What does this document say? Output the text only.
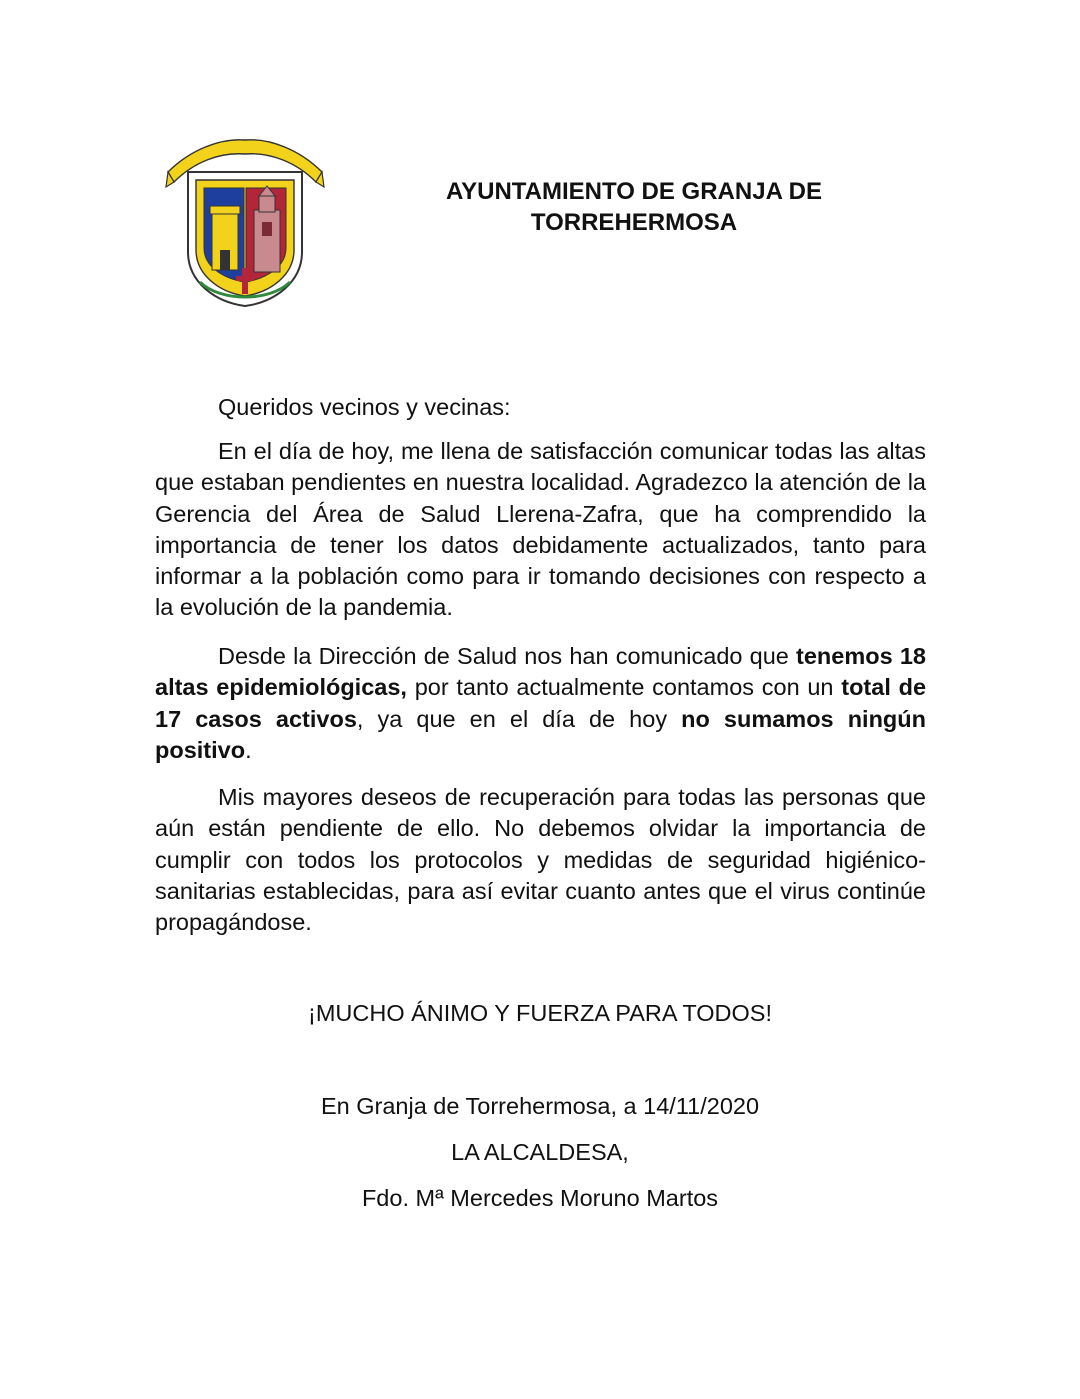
AYUNTAMIENTO DE GRANJA DE
TORREHERMOSA
Queridos vecinos y vecinas:

En el día de hoy, me llena de satisfacción comunicar todas las altas que estaban pendientes en nuestra localidad. Agradezco la atención de la Gerencia del Área de Salud Llerena-Zafra, que ha comprendido la importancia de tener los datos debidamente actualizados, tanto para informar a la población como para ir tomando decisiones con respecto a la evolución de la pandemia.

Desde la Dirección de Salud nos han comunicado que tenemos 18 altas epidemiológicas, por tanto actualmente contamos con un total de 17 casos activos, ya que en el día de hoy no sumamos ningún positivo.

Mis mayores deseos de recuperación para todas las personas que aún están pendiente de ello. No debemos olvidar la importancia de cumplir con todos los protocolos y medidas de seguridad higiénico-sanitarias establecidas, para así evitar cuanto antes que el virus continúe propagándose.

¡MUCHO ÁNIMO Y FUERZA PARA TODOS!
En Granja de Torrehermosa, a 14/11/2020
LA ALCALDESA,
Fdo. Mª Mercedes Moruno Martos
